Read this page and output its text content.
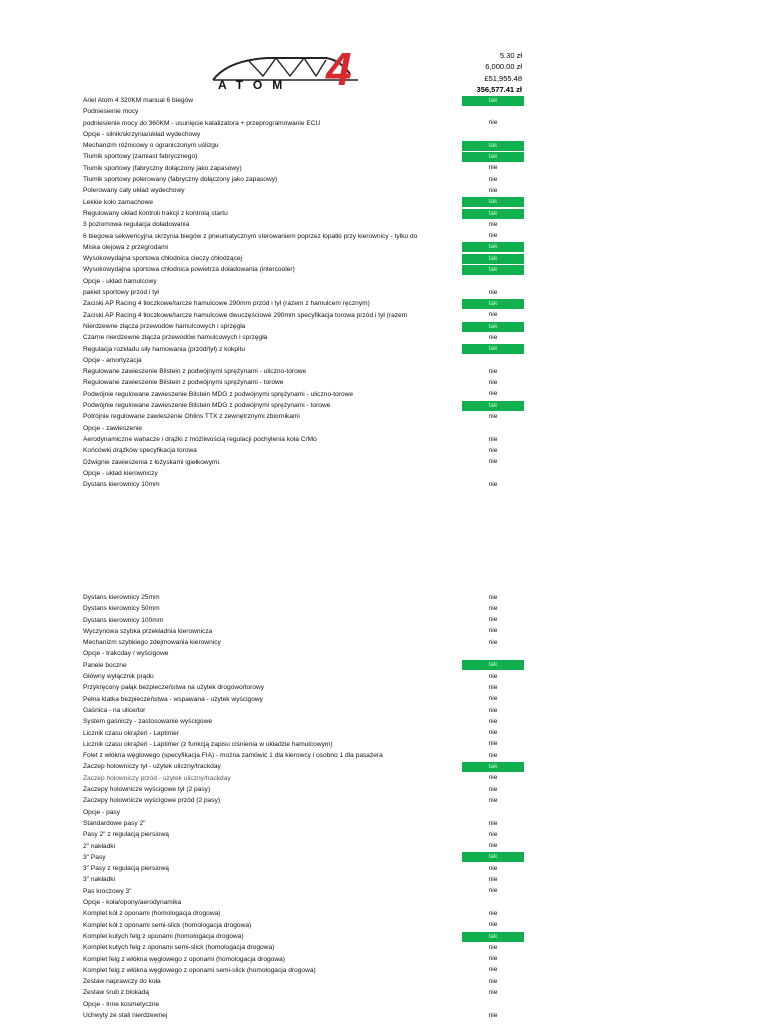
ATOM 4	5.30 zł
6,000.00 zł
£51,955.48
356,577.41 zł
Ariel Atom 4 320KM manual 6 biegów	tak
Podniesienie mocy
podniesienie mocy do 360KM - usunięcie katalizatora + przeprogramowanie ECU	nie
Opcje - silnik/skrzynia/układ wydechowy
Mechanizm różnicowy o ograniczonym uślizgu	tak
Tłumik sportowy (zamiast fabrycznego)	tak
Tłumik sportowy (fabryczny dołączony jako zapasowy)	nie
Tłumik sportowy polerowany (fabryczny dołączony jako zapasowy)	nie
Polerowany cały układ wydechowy	nie
Lekkie koło zamachowe	tak
Regulowany układ kontroli trakcji z kontrolą startu	tak
3 poziomowa regulacja doładowania	nie
6 biegowa sekwencyjna skrzynia biegów z pneumatycznym sterowaniem poprzez łopatki przy kierownicy - tylko do	nie
Miska olejowa z przegrodami	tak
Wysokowydajna sportowa chłodnica cieczy chłodzącej	tak
Wysokowydajna sportowa chłodnica powietrza doładowania (intercooler)	tak
Opcje - układ hamulcowy
pakiet sportowy przód i tył	nie
Zaciski AP Racing 4 tłoczkowe/tarcze hamulcowe 290mm przód i tył (razem z hamulcem ręcznym)	tak
Zaciski AP Racing 4 tłoczkowe/tarcze hamulcowe dwuczęściowe 290mm specyfikacja torowa przód i tył (razem	nie
Nierdzewne złącza przewodów hamulcowych i sprzęgła	tak
Czarne nierdzewne złącza przewodów hamulcowych i sprzęgła	nie
Regulacja rozkładu siły hamowania (przód/tył) z kokpitu	tak
Opcje - amortyzacja
Regulowane zawieszenie Bilstein z podwójnymi sprężynami - uliczno-torowe	nie
Regulowane zawieszenie Bilstein z podwójnymi sprężynami - torowe	nie
Podwójnie regulowane zawieszenie Bilstein MDG z podwójnymi sprężynami - uliczno-torowe	nie
Podwójnie regulowane zawieszenie Bilstein MDG z podwójnymi sprężynami - torowe	tak
Potrójnie regulowane zawieszenie Ohlins TTX z zewnętrznymi zbiornikami	nie
Opcje - zawieszenie
Aerodynamiczne wahacze i drążki z możliwością regulacji pochylenia koła CrMo	nie
Końcówki drążków specyfikacja torowa	nie
Dźwignie zawieszenia z łożyskami igiełkowymi.	nie
Opcje - układ kierowniczy
Dystans kierownicy 10mm	nie
Dystans kierownicy 25mm	nie
Dystans kierownicy 50mm	nie
Dystans kierownicy 100mm	nie
Wyczynowa szybka przekładnia kierownicza	nie
Mechanizm szybkiego zdejmowania kierownicy	nie
Opcje - trakcday / wyścigowe
Panele boczne	tak
Główny wyłącznik prądu	nie
Przykręcony pałąk bezpieczeństwa na użytek drogowo/torowy	nie
Pełna klatka bezpieczeństwa - wspawana - użytek wyścigowy	nie
Gaśnica - na ulice/tor	nie
System gaśniczy - zastosowanie wyścigowe	nie
Licznik czasu okrążeń - Laptimer	nie
Licznik czasu okrążeń - Laptimer (z funkcją zapisu ciśnienia w układzie hamulcowym)	nie
Folet z włókna węglowego (specyfikacja FIA) - można zamówić 1 dla kierowcy i osobno 1 dla pasażera	nie
Zaczep holowniczy tył - użytek uliczny/trackday	tak
Zaczep holowniczy przód - użytek uliczny/trackday	nie
Zaczepy holownicze wyścigowe tył (2 pasy)	nie
Zaczepy holownicze wyścigowe przód (2 pasy)	nie
Opcje - pasy
Standardowe pasy 2"	nie
Pasy 2" z regulacją piersiową	nie
2" nakładki	nie
3" Pasy	tak
3" Pasy z regulacją piersiową	nie
3" nakładki	nie
Pas kroczowy 3"	nie
Opcje - koła/opony/aerodynamika
Komplet kół z oponami (homologacja drogowa)	nie
Komplet kół z oponami semi-slick (homologacja drogowa)	nie
Komplet kutych felg z oponami (homologacja drogowa)	tak
Komplet kutych felg z oponami semi-slick (homologacja drogowa)	nie
Komplet felg z włókna węglowego z oponami (homologacja drogowa)	nie
Komplet felg z włókna węglowego z oponami semi-slick (homologacja drogowa)	nie
Zestaw naprawczy do koła	nie
Zestaw śrub z blokadą	nie
Opcje - Inne kosmetyczne
Uchwyty ze stali nierdzewnej	nie
